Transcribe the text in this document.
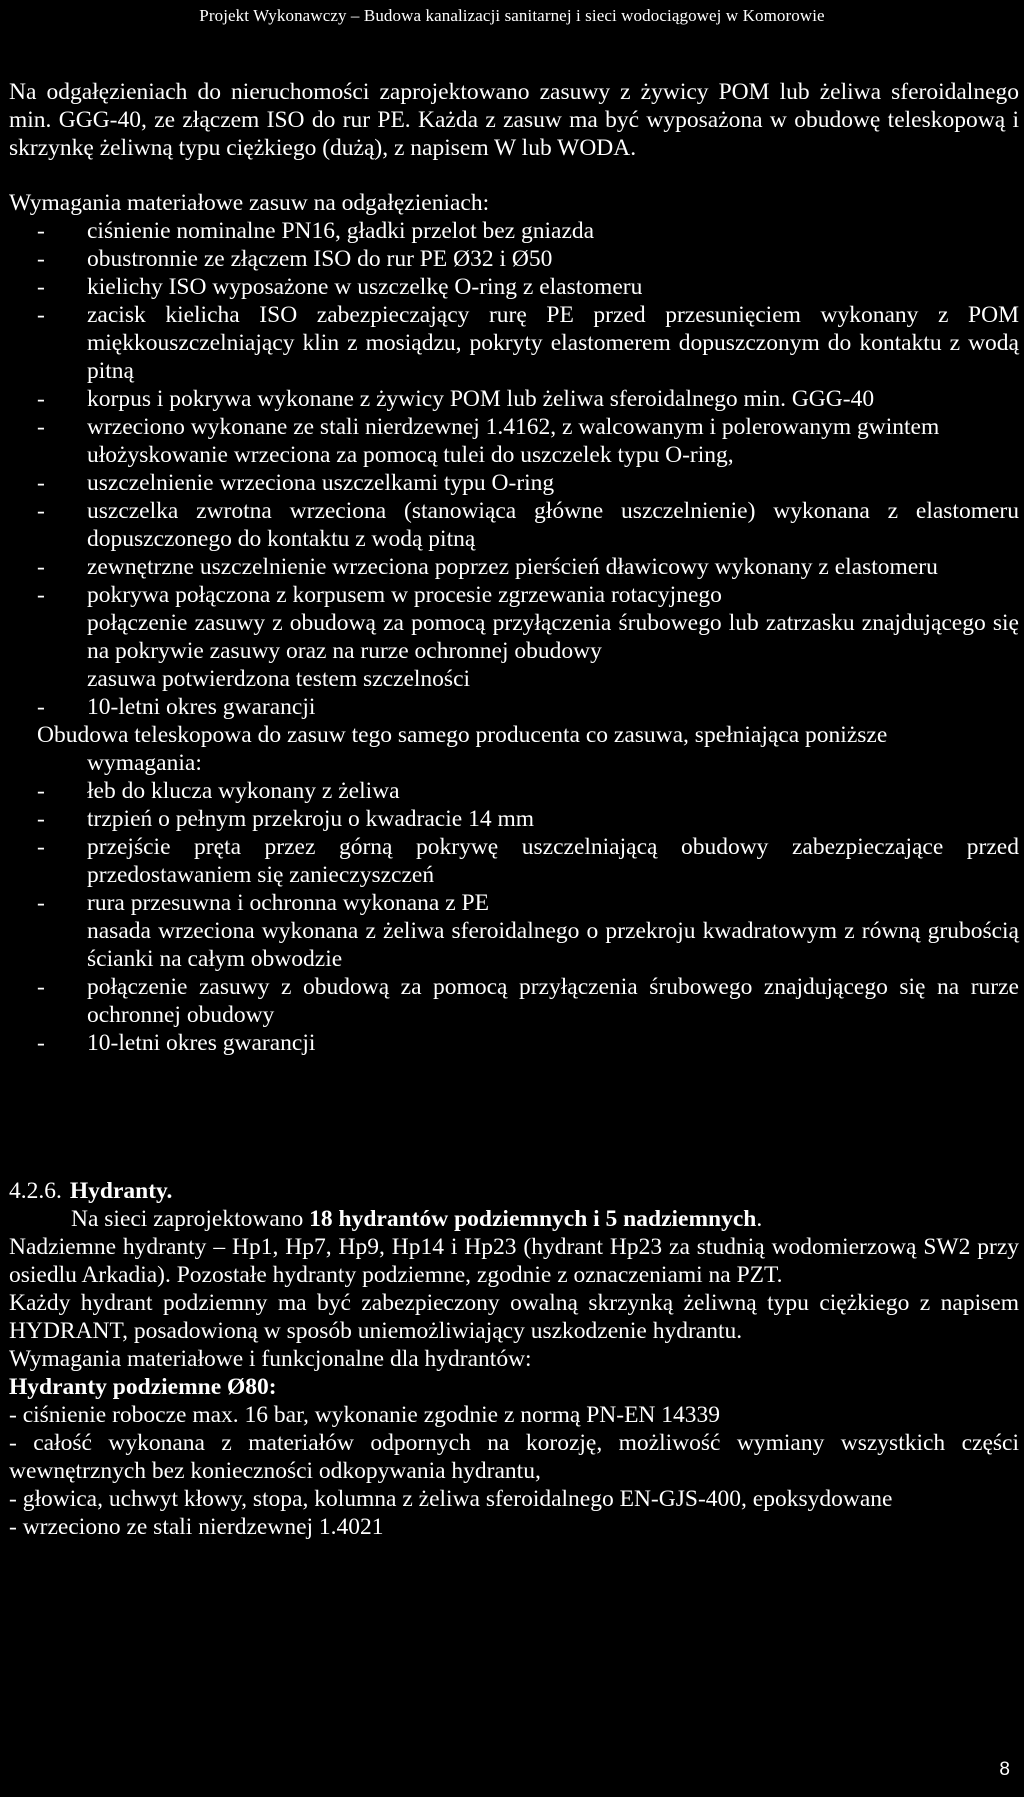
Projekt Wykonawczy – Budowa kanalizacji sanitarnej i sieci wodociągowej w Komorowie

Na odgałęzieniach do nieruchomości zaprojektowano zasuwy z żywicy POM lub żeliwa sferoidalnego min. GGG-40, ze złączem ISO do rur PE. Każda z zasuw ma być wyposażona w obudowę teleskopową i skrzynkę żeliwną typu ciężkiego (dużą), z napisem W lub WODA.

Wymagania materiałowe zasuw na odgałęzieniach:

- ciśnienie nominalne PN16, gładki przelot bez gniazda
- obustronnie ze złączem ISO do rur PE Ø32 i Ø50
- kielichy ISO wyposażone w uszczelkę O-ring z elastomeru
- zacisk kielicha ISO zabezpieczający rurę PE przed przesunięciem wykonany z POM miękkouszczelniający klin z mosiądzu, pokryty elastomerem dopuszczonym do kontaktu z wodą pitną
- korpus i pokrywa wykonane z żywicy POM lub żeliwa sferoidalnego min. GGG-40
- wrzeciono wykonane ze stali nierdzewnej 1.4162, z walcowanym i polerowanym gwintem
ułożyskowanie wrzeciona za pomocą tulei do uszczelek typu O-ring,
- uszczelnienie wrzeciona uszczelkami typu O-ring
- uszczelka zwrotna wrzeciona (stanowiąca główne uszczelnienie) wykonana z elastomeru dopuszczonego do kontaktu z wodą pitną
- zewnętrzne uszczelnienie wrzeciona poprzez pierścień dławicowy wykonany z elastomeru
- pokrywa połączona z korpusem w procesie zgrzewania rotacyjnego
połączenie zasuwy z obudową za pomocą przyłączenia śrubowego lub zatrzasku znajdującego się na pokrywie zasuwy oraz na rurze ochronnej obudowy
zasuwa potwierdzona testem szczelności
- 10-letni okres gwarancji

Obudowa teleskopowa do zasuw tego samego producenta co zasuwa, spełniająca poniższe
wymagania:

- łeb do klucza wykonany z żeliwa
- trzpień o pełnym przekroju o kwadracie 14 mm
- przejście pręta przez górną pokrywę uszczelniającą obudowy zabezpieczające przed przedostawaniem się zanieczyszczeń
- rura przesuwna i ochronna wykonana z PE
nasada wrzeciona wykonana z żeliwa sferoidalnego o przekroju kwadratowym z równą grubością ścianki na całym obwodzie
- połączenie zasuwy z obudową za pomocą przyłączenia śrubowego znajdującego się na rurze ochronnej obudowy
- 10-letni okres gwarancji

4.2.6. Hydranty.

Na sieci zaprojektowano 18 hydrantów podziemnych i 5 nadziemnych.

Nadziemne hydranty – Hp1, Hp7, Hp9, Hp14 i Hp23 (hydrant Hp23 za studnią wodomierzową SW2 przy osiedlu Arkadia). Pozostałe hydranty podziemne, zgodnie z oznaczeniami na PZT.

Każdy hydrant podziemny ma być zabezpieczony owalną skrzynką żeliwną typu ciężkiego z napisem HYDRANT, posadowioną w sposób uniemożliwiający uszkodzenie hydrantu.

Wymagania materiałowe i funkcjonalne dla hydrantów:

Hydranty podziemne Ø80:

- ciśnienie robocze max. 16 bar, wykonanie zgodnie z normą PN-EN 14339

- całość wykonana z materiałów odpornych na korozję, możliwość wymiany wszystkich części wewnętrznych bez konieczności odkopywania hydrantu,

- głowica, uchwyt kłowy, stopa, kolumna z żeliwa sferoidalnego EN-GJS-400, epoksydowane

- wrzeciono ze stali nierdzewnej 1.4021

8
